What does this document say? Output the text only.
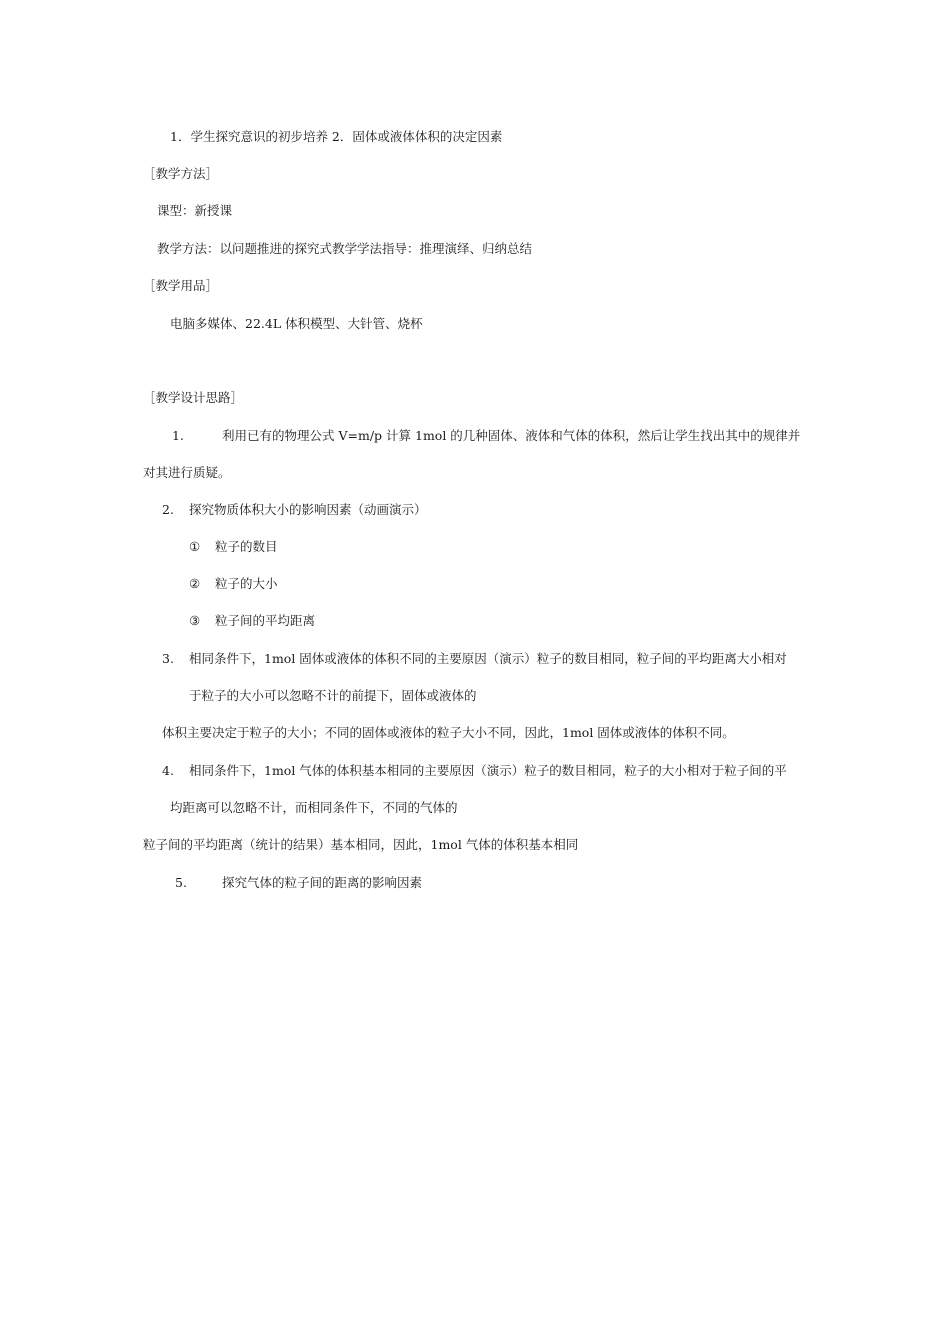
1．学生探究意识的初步培养 2．固体或液体体积的决定因素
［教学方法］
课型：新授课
教学方法：以问题推进的探究式教学学法指导：推理演绎、归纳总结
［教学用品］
电脑多媒体、22.4L 体积模型、大针管、烧杯
［教学设计思路］
1.	利用已有的物理公式 V=m/p 计算 1mol 的几种固体、液体和气体的体积，然后让学生找出其中的规律并
对其进行质疑。
2. 探究物质体积大小的影响因素（动画演示）
① 粒子的数目
② 粒子的大小
③ 粒子间的平均距离
3. 相同条件下，1mol 固体或液体的体积不同的主要原因（演示）粒子的数目相同，粒子间的平均距离大小相对
于粒子的大小可以忽略不计的前提下，固体或液体的
体积主要决定于粒子的大小；不同的固体或液体的粒子大小不同，因此，1mol 固体或液体的体积不同。
4. 相同条件下，1mol 气体的体积基本相同的主要原因（演示）粒子的数目相同，粒子的大小相对于粒子间的平
均距离可以忽略不计，而相同条件下，不同的气体的
粒子间的平均距离（统计的结果）基本相同，因此，1mol 气体的体积基本相同
5.	探究气体的粒子间的距离的影响因素
